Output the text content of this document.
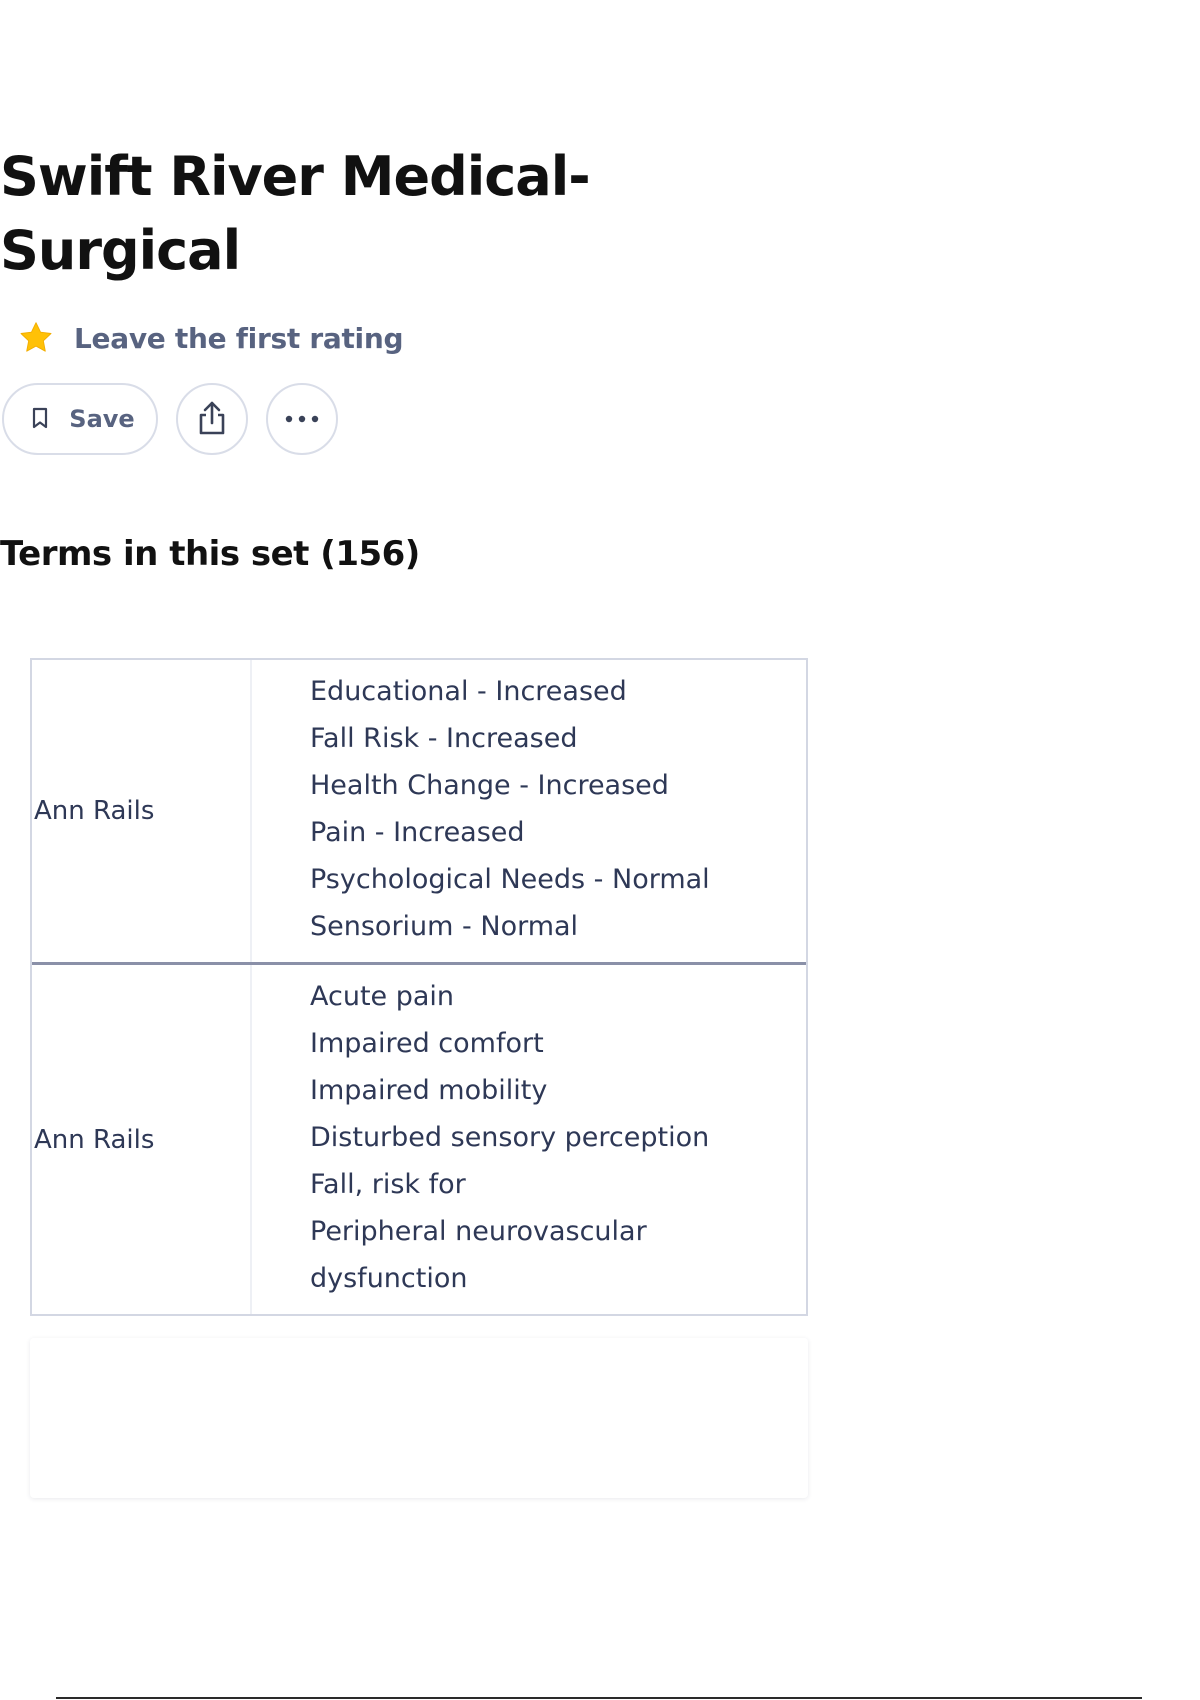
Swift River Medical-Surgical
Leave the first rating
Save
Terms in this set (156)
Ann Rails
Educational - Increased
Fall Risk - Increased
Health Change - Increased
Pain - Increased
Psychological Needs - Normal
Sensorium - Normal
Ann Rails
Acute pain
Impaired comfort
Impaired mobility
Disturbed sensory perception
Fall, risk for
Peripheral neurovascular
dysfunction
